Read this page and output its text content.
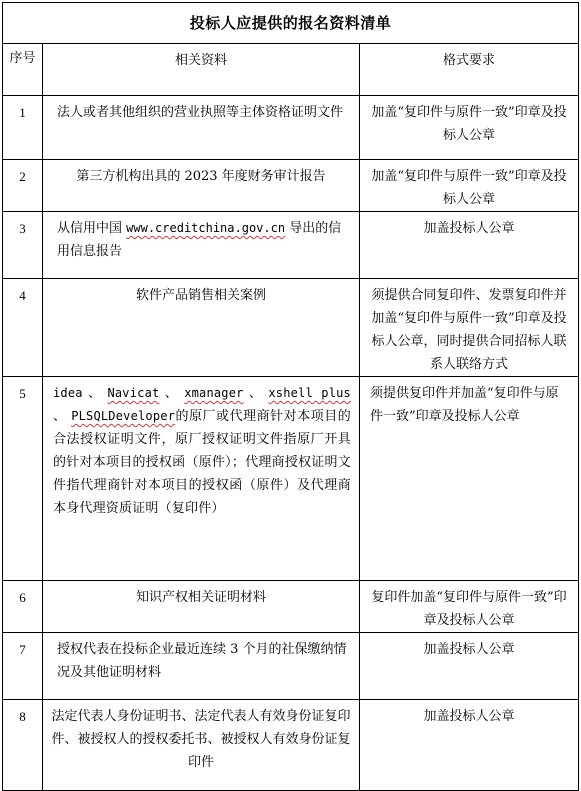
投标人应提供的报名资料清单		
序号	相关资料	格式要求
1	法人或者其他组织的营业执照等主体资格证明文件	加盖“复印件与原件一致”印章及投标人公章
2	第三方机构出具的 2023 年度财务审计报告	加盖“复印件与原件一致”印章及投标人公章
3	从信用中国 www.creditchina.gov.cn 导出的信用信息报告	加盖投标人公章
4	软件产品销售相关案例	须提供合同复印件、发票复印件并加盖“复印件与原件一致”印章及投标人公章，同时提供合同招标人联系人联络方式
5	idea 、 Navicat 、 xmanager 、 xshell plus 、 PLSQLDeveloper的原厂或代理商针对本项目的合法授权证明文件，原厂授权证明文件指原厂开具的针对本项目的授权函（原件）；代理商授权证明文件指代理商针对本项目的授权函（原件）及代理商本身代理资质证明（复印件）	须提供复印件并加盖“复印件与原件一致”印章及投标人公章
6	知识产权相关证明材料	复印件加盖“复印件与原件一致”印章及投标人公章
7	授权代表在投标企业最近连续 3 个月的社保缴纳情况及其他证明材料	加盖投标人公章
8	法定代表人身份证明书、法定代表人有效身份证复印件、被授权人的授权委托书、被授权人有效身份证复印件	加盖投标人公章
